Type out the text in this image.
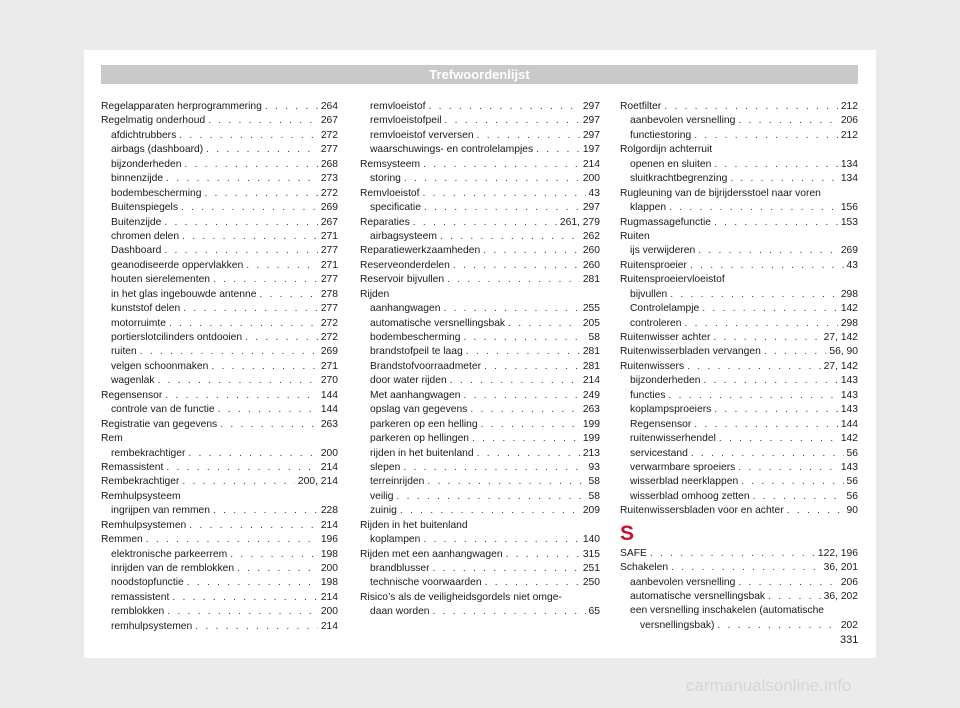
Trefwoordenlijst
Regelapparaten herprogrammering . . .	264
Regelmatig onderhoud . . .	267
afdichtrubbers . . .	272
airbags (dashboard) . . .	277
bijzonderheden . . .	268
binnenzijde . . .	273
bodembescherming . . .	272
Buitenspiegels . . .	269
Buitenzijde . . .	267
chromen delen . . .	271
Dashboard . . .	277
geanodiseerde oppervlakken . . .	271
houten sierelementen . . .	277
in het glas ingebouwde antenne . . .	278
kunststof delen . . .	277
motorruimte . . .	272
portierslotcilinders ontdooien . . .	272
ruiten . . .	269
velgen schoonmaken . . .	271
wagenlak . . .	270
Regensensor . . .	144
controle van de functie . . .	144
Registratie van gegevens . . .	263
Rem
rembekrachtiger . . .	200
Remassistent . . .	214
Rembekrachtiger . . .	200, 214
Remhulpsysteem
ingrijpen van remmen . . .	228
Remhulpsystemen . . .	214
Remmen . . .	196
elektronische parkeerrem . . .	198
inrijden van de remblokken . . .	200
noodstopfunctie . . .	198
remassistent . . .	214
remblokken . . .	200
remhulpsystemen . . .	214
remvloeistof . . .	297
remvloeistofpeil . . .	297
remvloeistof verversen . . .	297
waarschuwings- en controlelampjes . . .	197
Remsysteem . . .	214
storing . . .	200
Remvloeistof . . .	43
specificatie . . .	297
Reparaties . . .	261, 279
airbagsysteem . . .	262
Reparatiewerkzaamheden . . .	260
Reserveonderdelen . . .	260
Reservoir bijvullen . . .	281
Rijden
aanhangwagen . . .	255
automatische versnellingsbak . . .	205
bodembescherming . . .	58
brandstofpeil te laag . . .	281
Brandstofvoorraadmeter . . .	281
door water rijden . . .	214
Met aanhangwagen . . .	249
opslag van gegevens . . .	263
parkeren op een helling . . .	199
parkeren op hellingen . . .	199
rijden in het buitenland . . .	213
slepen . . .	93
terreinrijden . . .	58
veilig . . .	58
zuinig . . .	209
Rijden in het buitenland
koplampen . . .	140
Rijden met een aanhangwagen . . .	315
brandblusser . . .	251
technische voorwaarden . . .	250
Risico’s als de veiligheidsgordels niet omge-
daan worden . . .	65
Roetfilter . . .	212
aanbevolen versnelling . . .	206
functiestoring . . .	212
Rolgordijn achterruit
openen en sluiten . . .	134
sluitkrachtbegrenzing . . .	134
Rugleuning van de bijrijdersstoel naar voren
klappen . . .	156
Rugmassagefunctie . . .	153
Ruiten
ijs verwijderen . . .	269
Ruitensproeier . . .	43
Ruitensproeiervloeistof
bijvullen . . .	298
Controlelampje . . .	142
controleren . . .	298
Ruitenwisser achter . . .	27, 142
Ruitenwisserbladen vervangen . . .	56, 90
Ruitenwissers . . .	27, 142
bijzonderheden . . .	143
functies . . .	143
koplampsproeiers . . .	143
Regensensor . . .	144
ruitenwisserhendel . . .	142
servicestand . . .	56
verwarmbare sproeiers . . .	143
wisserblad neerklappen . . .	56
wisserblad omhoog zetten . . .	56
Ruitenwissersbladen voor en achter . . .	90
S
SAFE . . .	122, 196
Schakelen . . .	36, 201
aanbevolen versnelling . . .	206
automatische versnellingsbak . . .	36, 202
een versnelling inschakelen (automatische
versnellingsbak) . . .	202
331
carmanualsonline.info
